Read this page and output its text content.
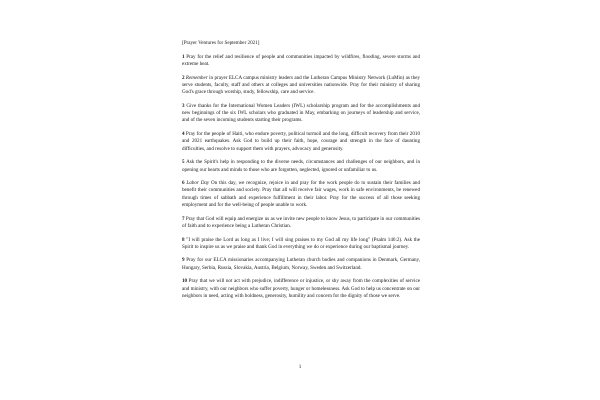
[Prayer Ventures for September 2021]
1 Pray for the relief and resilience of people and communities impacted by wildfires, flooding, severe storms and extreme heat.
2 Remember in prayer ELCA campus ministry leaders and the Lutheran Campus Ministry Network (LuMin) as they serve students, faculty, staff and others at colleges and universities nationwide. Pray for their ministry of sharing God's grace through worship, study, fellowship, care and service.
3 Give thanks for the International Women Leaders (IWL) scholarship program and for the accomplishments and new beginnings of the six IWL scholars who graduated in May, embarking on journeys of leadership and service, and of the seven incoming students starting their programs.
4 Pray for the people of Haiti, who endure poverty, political turmoil and the long, difficult recovery from their 2010 and 2021 earthquakes. Ask God to build up their faith, hope, courage and strength in the face of daunting difficulties, and resolve to support them with prayers, advocacy and generosity.
5 Ask the Spirit's help in responding to the diverse needs, circumstances and challenges of our neighbors, and in opening our hearts and minds to those who are forgotten, neglected, ignored or unfamiliar to us.
6 Labor Day On this day, we recognize, rejoice in and pray for the work people do to sustain their families and benefit their communities and society. Pray that all will receive fair wages, work in safe environments, be renewed through times of sabbath and experience fulfillment in their labor. Pray for the success of all those seeking employment and for the well-being of people unable to work.
7 Pray that God will equip and energize us as we invite new people to know Jesus, to participate in our communities of faith and to experience being a Lutheran Christian.
8 "I will praise the Lord as long as I live; I will sing praises to my God all my life long" (Psalm 146:2). Ask the Spirit to inspire us as we praise and thank God in everything we do or experience during our baptismal journey.
9 Pray for our ELCA missionaries accompanying Lutheran church bodies and companions in Denmark, Germany, Hungary, Serbia, Russia, Slovakia, Austria, Belgium, Norway, Sweden and Switzerland.
10 Pray that we will not act with prejudice, indifference or injustice, or shy away from the complexities of service and ministry, with our neighbors who suffer poverty, hunger or homelessness. Ask God to help us concentrate on our neighbors in need, acting with boldness, generosity, humility and concern for the dignity of those we serve.
1
